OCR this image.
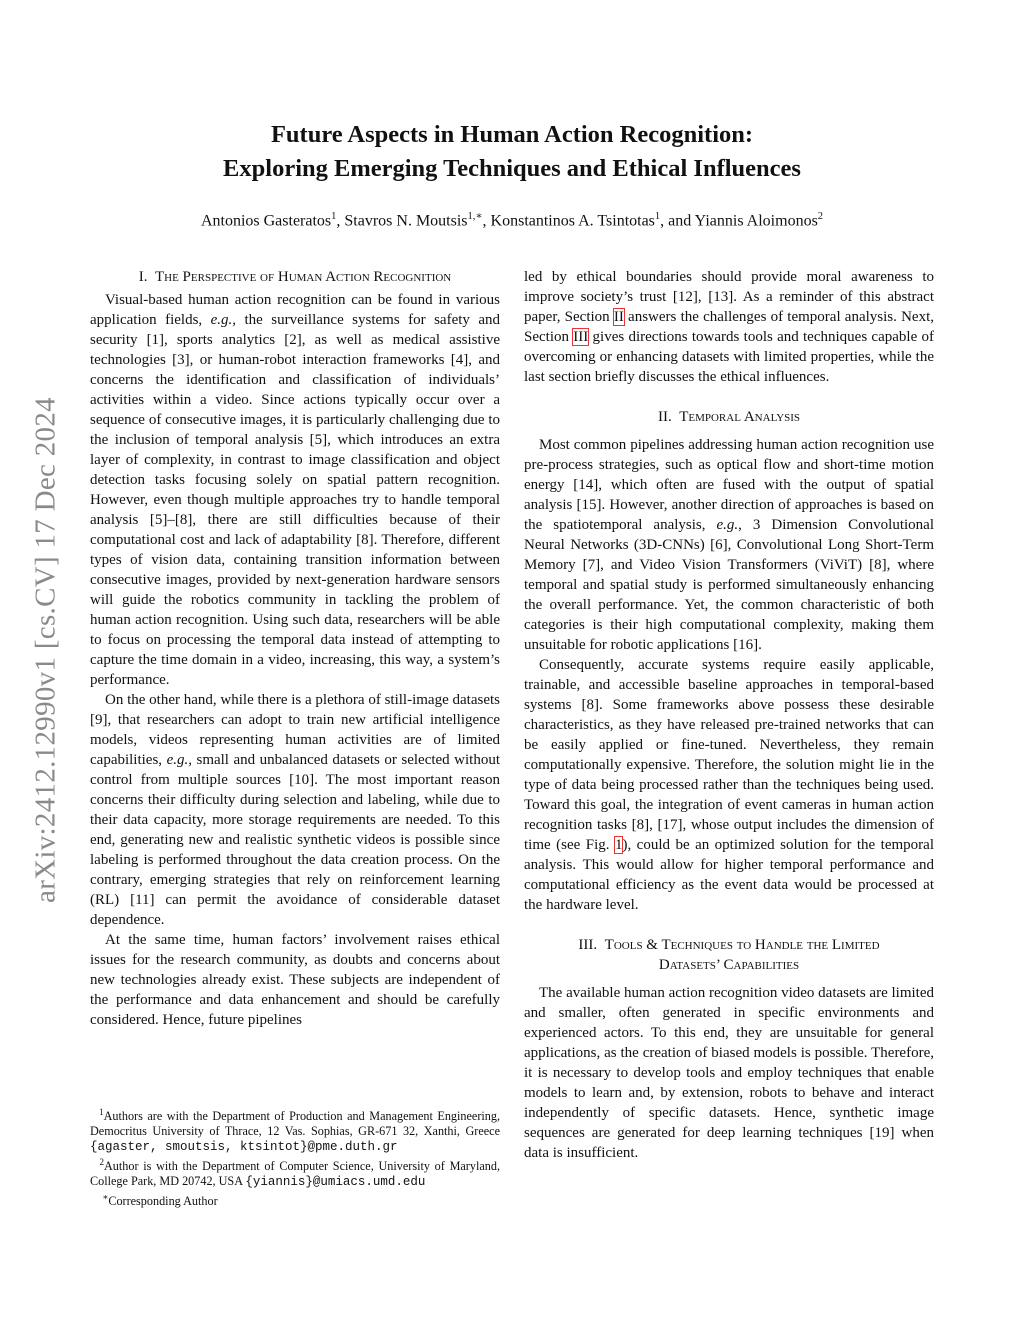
arXiv:2412.12990v1 [cs.CV] 17 Dec 2024
Future Aspects in Human Action Recognition:
Exploring Emerging Techniques and Ethical Influences
Antonios Gasteratos$^1$, Stavros N. Moutsis$^{1,∗}$, Konstantinos A. Tsintotas$^1$, and Yiannis Aloimonos$^2$
I. The Perspective of Human Action Recognition

Visual-based human action recognition can be found in various application fields, e.g., the surveillance systems for safety and security [1], sports analytics [2], as well as medical assistive technologies [3], or human-robot interaction frameworks [4], and concerns the identification and classification of individuals’ activities within a video. Since actions typically occur over a sequence of consecutive images, it is particularly challenging due to the inclusion of temporal analysis [5], which introduces an extra layer of complexity, in contrast to image classification and object detection tasks focusing solely on spatial pattern recognition. However, even though multiple approaches try to handle temporal analysis [5]–[8], there are still difficulties because of their computational cost and lack of adaptability [8]. Therefore, different types of vision data, containing transition information between consecutive images, provided by next-generation hardware sensors will guide the robotics community in tackling the problem of human action recognition. Using such data, researchers will be able to focus on processing the temporal data instead of attempting to capture the time domain in a video, increasing, this way, a system’s performance.

On the other hand, while there is a plethora of still-image datasets [9], that researchers can adopt to train new artificial intelligence models, videos representing human activities are of limited capabilities, e.g., small and unbalanced datasets or selected without control from multiple sources [10]. The most important reason concerns their difficulty during selection and labeling, while due to their data capacity, more storage requirements are needed. To this end, generating new and realistic synthetic videos is possible since labeling is performed throughout the data creation process. On the contrary, emerging strategies that rely on reinforcement learning (RL) [11] can permit the avoidance of considerable dataset dependence.

At the same time, human factors’ involvement raises ethical issues for the research community, as doubts and concerns about new technologies already exist. These subjects are independent of the performance and data enhancement and should be carefully considered. Hence, future pipelines

$^1$Authors are with the Department of Production and Management Engineering, Democritus University of Thrace, 12 Vas. Sophias, GR-671 32, Xanthi, Greece {agaster, smoutsis, ktsintot}@pme.duth.gr

$^2$Author is with the Department of Computer Science, University of Maryland, College Park, MD 20742, USA {yiannis}@umiacs.umd.edu

∗Corresponding Author

led by ethical boundaries should provide moral awareness to improve society’s trust [12], [13]. As a reminder of this abstract paper, Section II answers the challenges of temporal analysis. Next, Section III gives directions towards tools and techniques capable of overcoming or enhancing datasets with limited properties, while the last section briefly discusses the ethical influences.

II. Temporal Analysis

Most common pipelines addressing human action recognition use pre-process strategies, such as optical flow and short-time motion energy [14], which often are fused with the output of spatial analysis [15]. However, another direction of approaches is based on the spatiotemporal analysis, e.g., 3 Dimension Convolutional Neural Networks (3D-CNNs) [6], Convolutional Long Short-Term Memory [7], and Video Vision Transformers (ViViT) [8], where temporal and spatial study is performed simultaneously enhancing the overall performance. Yet, the common characteristic of both categories is their high computational complexity, making them unsuitable for robotic applications [16].

Consequently, accurate systems require easily applicable, trainable, and accessible baseline approaches in temporal-based systems [8]. Some frameworks above possess these desirable characteristics, as they have released pre-trained networks that can be easily applied or fine-tuned. Nevertheless, they remain computationally expensive. Therefore, the solution might lie in the type of data being processed rather than the techniques being used. Toward this goal, the integration of event cameras in human action recognition tasks [8], [17], whose output includes the dimension of time (see Fig. 1), could be an optimized solution for the temporal analysis. This would allow for higher temporal performance and computational efficiency as the event data would be processed at the hardware level.

III. Tools & Techniques to Handle the Limited
Datasets’ Capabilities

The available human action recognition video datasets are limited and smaller, often generated in specific environments and experienced actors. To this end, they are unsuitable for general applications, as the creation of biased models is possible. Therefore, it is necessary to develop tools and employ techniques that enable models to learn and, by extension, robots to behave and interact independently of specific datasets. Hence, synthetic image sequences are generated for deep learning techniques [19] when data is insufficient.
